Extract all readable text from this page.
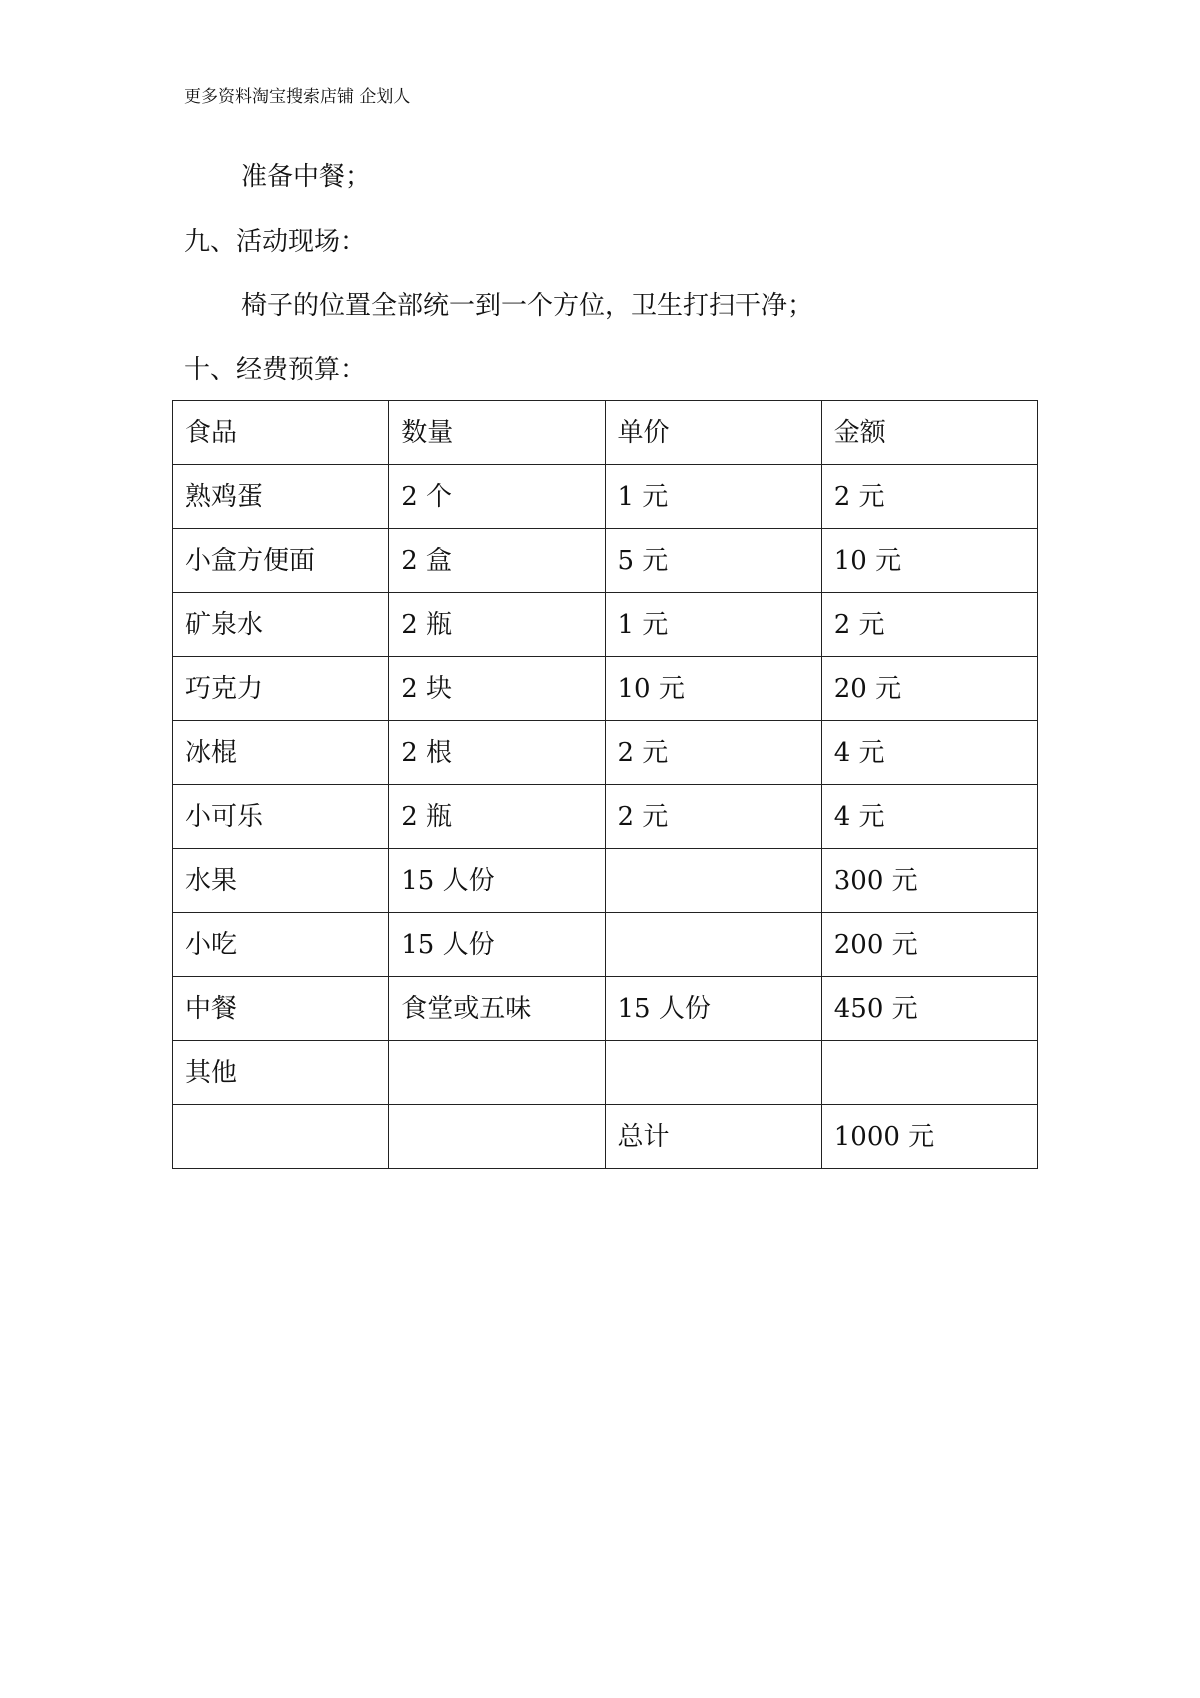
更多资料淘宝搜索店铺 企划人
准备中餐；
九、活动现场：
椅子的位置全部统一到一个方位，卫生打扫干净；
十、经费预算：
食品	数量	单价	金额
熟鸡蛋	2 个	1 元	2 元
小盒方便面	2 盒	5 元	10 元
矿泉水	2 瓶	1 元	2 元
巧克力	2 块	10 元	20 元
冰棍	2 根	2 元	4 元
小可乐	2 瓶	2 元	4 元
水果	15 人份		300 元
小吃	15 人份		200 元
中餐	食堂或五味	15 人份	450 元
其他			
		总计	1000 元
